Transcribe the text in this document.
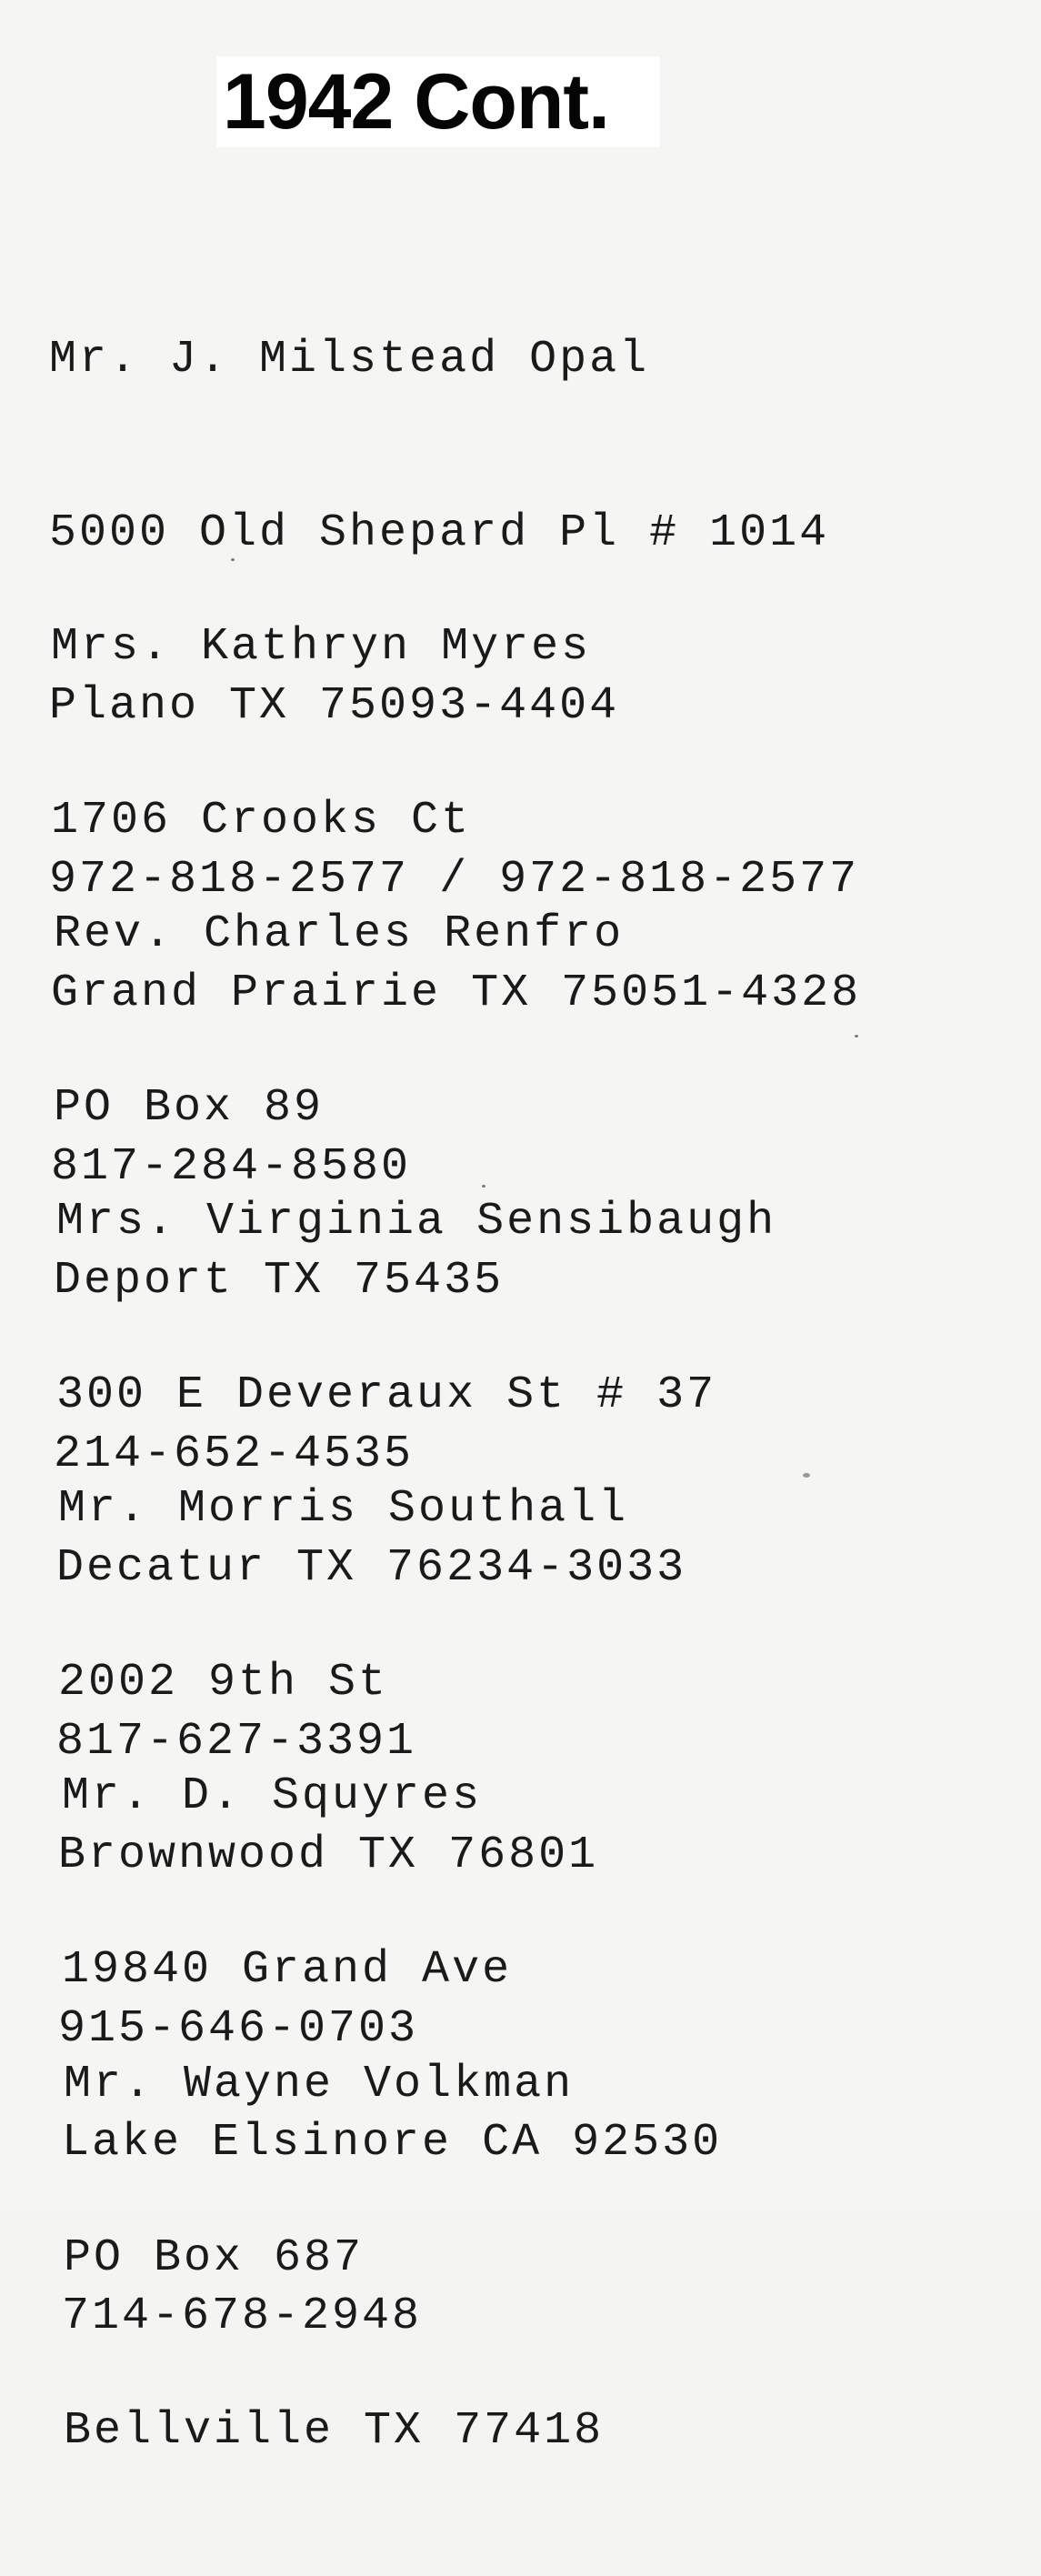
1942 Cont.

Mr. J. Milstead Opal

5000 Old Shepard Pl # 1014

Plano TX 75093-4404

972-818-2577 / 972-818-2577

Mrs. Kathryn Myres

1706 Crooks Ct

Grand Prairie TX 75051-4328

817-284-8580

Rev. Charles Renfro

PO Box 89

Deport TX 75435

214-652-4535

Mrs. Virginia Sensibaugh

300 E Deveraux St # 37

Decatur TX 76234-3033

817-627-3391

Mr. Morris Southall

2002 9th St

Brownwood TX 76801

915-646-0703

Mr. D. Squyres

19840 Grand Ave

Lake Elsinore CA 92530

714-678-2948

Mr. Wayne Volkman

PO Box 687

Bellville TX 77418
